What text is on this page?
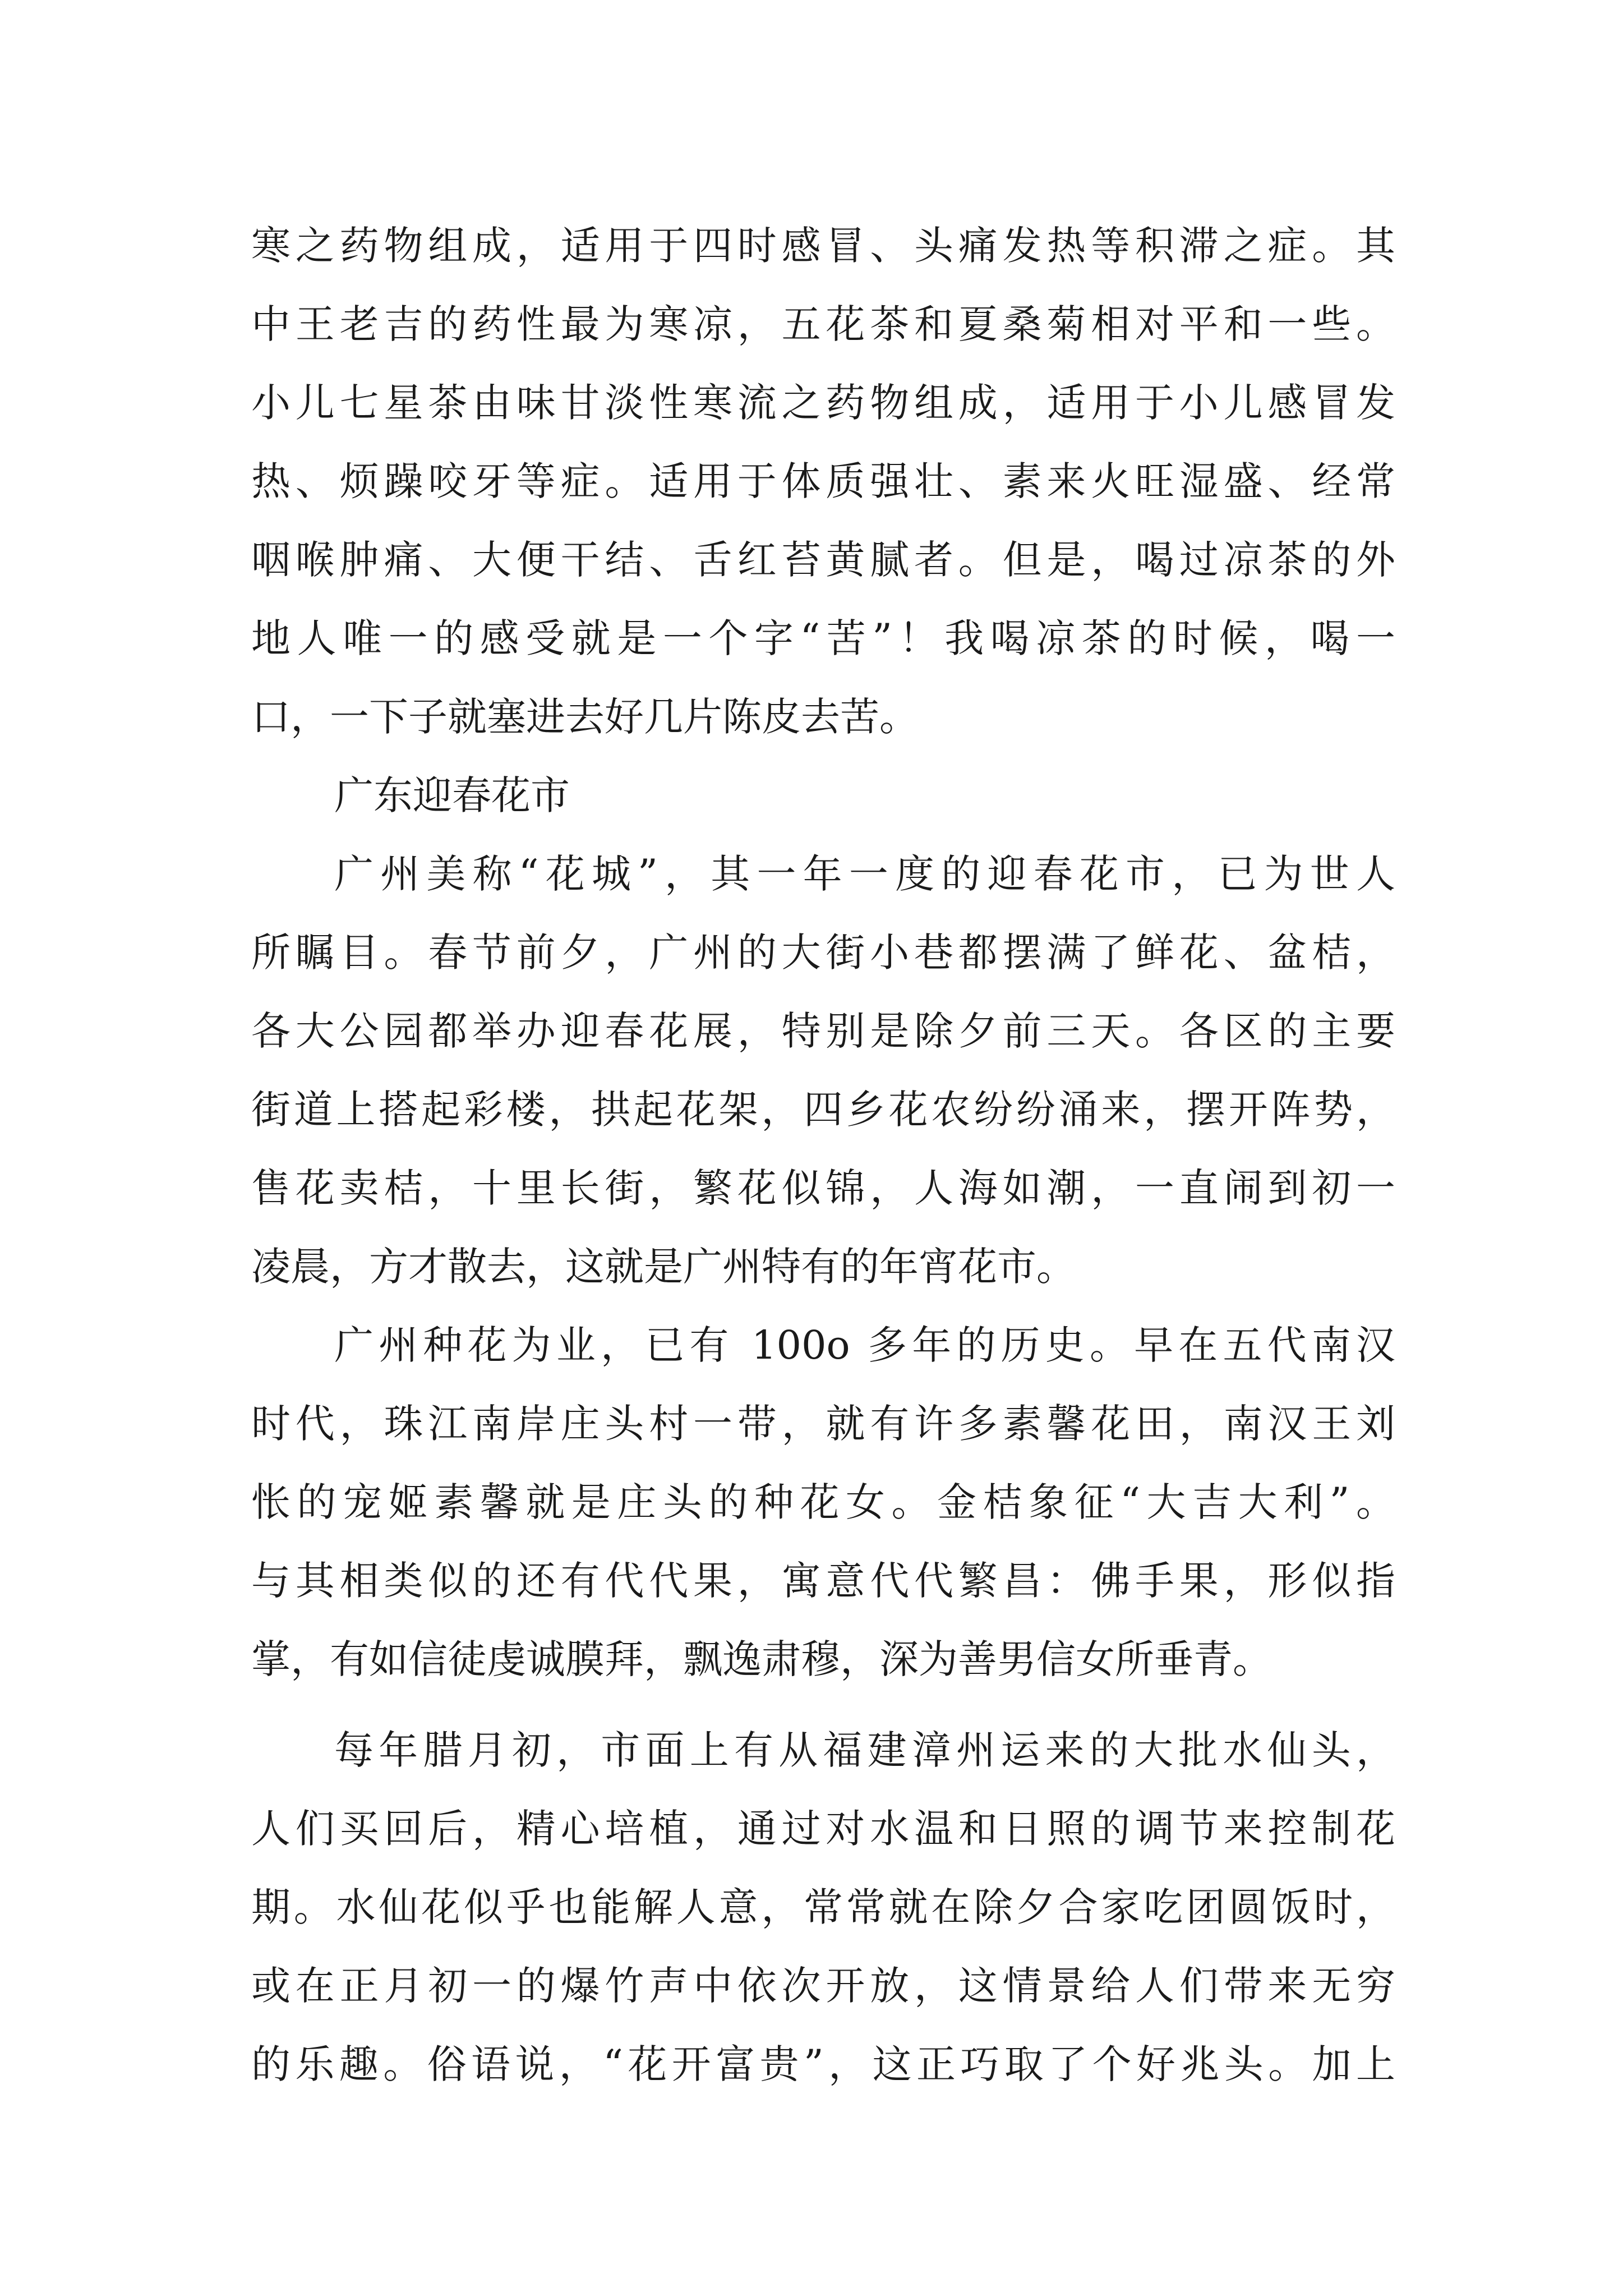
寒之药物组成，适用于四时感冒、头痛发热等积滞之症。其
中王老吉的药性最为寒凉，五花茶和夏桑菊相对平和一些。
小儿七星茶由味甘淡性寒流之药物组成，适用于小儿感冒发
热、烦躁咬牙等症。适用于体质强壮、素来火旺湿盛、经常
咽喉肿痛、大便干结、舌红苔黄腻者。但是，喝过凉茶的外
地人唯一的感受就是一个字“苦”！我喝凉茶的时候，喝一
口，一下子就塞进去好几片陈皮去苦。
广东迎春花市
广州美称“花城”，其一年一度的迎春花市，已为世人
所瞩目。春节前夕，广州的大街小巷都摆满了鲜花、盆桔，
各大公园都举办迎春花展，特别是除夕前三天。各区的主要
街道上搭起彩楼，拱起花架，四乡花农纷纷涌来，摆开阵势，
售花卖桔，十里长街，繁花似锦，人海如潮，一直闹到初一
凌晨，方才散去，这就是广州特有的年宵花市。
广州种花为业，已有 100o 多年的历史。早在五代南汉
时代，珠江南岸庄头村一带，就有许多素馨花田，南汉王刘
怅的宠姬素馨就是庄头的种花女。金桔象征“大吉大利”。
与其相类似的还有代代果，寓意代代繁昌：佛手果，形似指
掌，有如信徒虔诚膜拜，飘逸肃穆，深为善男信女所垂青。
每年腊月初，市面上有从福建漳州运来的大批水仙头，
人们买回后，精心培植，通过对水温和日照的调节来控制花
期。水仙花似乎也能解人意，常常就在除夕合家吃团圆饭时，
或在正月初一的爆竹声中依次开放，这情景给人们带来无穷
的乐趣。俗语说，“花开富贵”，这正巧取了个好兆头。加上
